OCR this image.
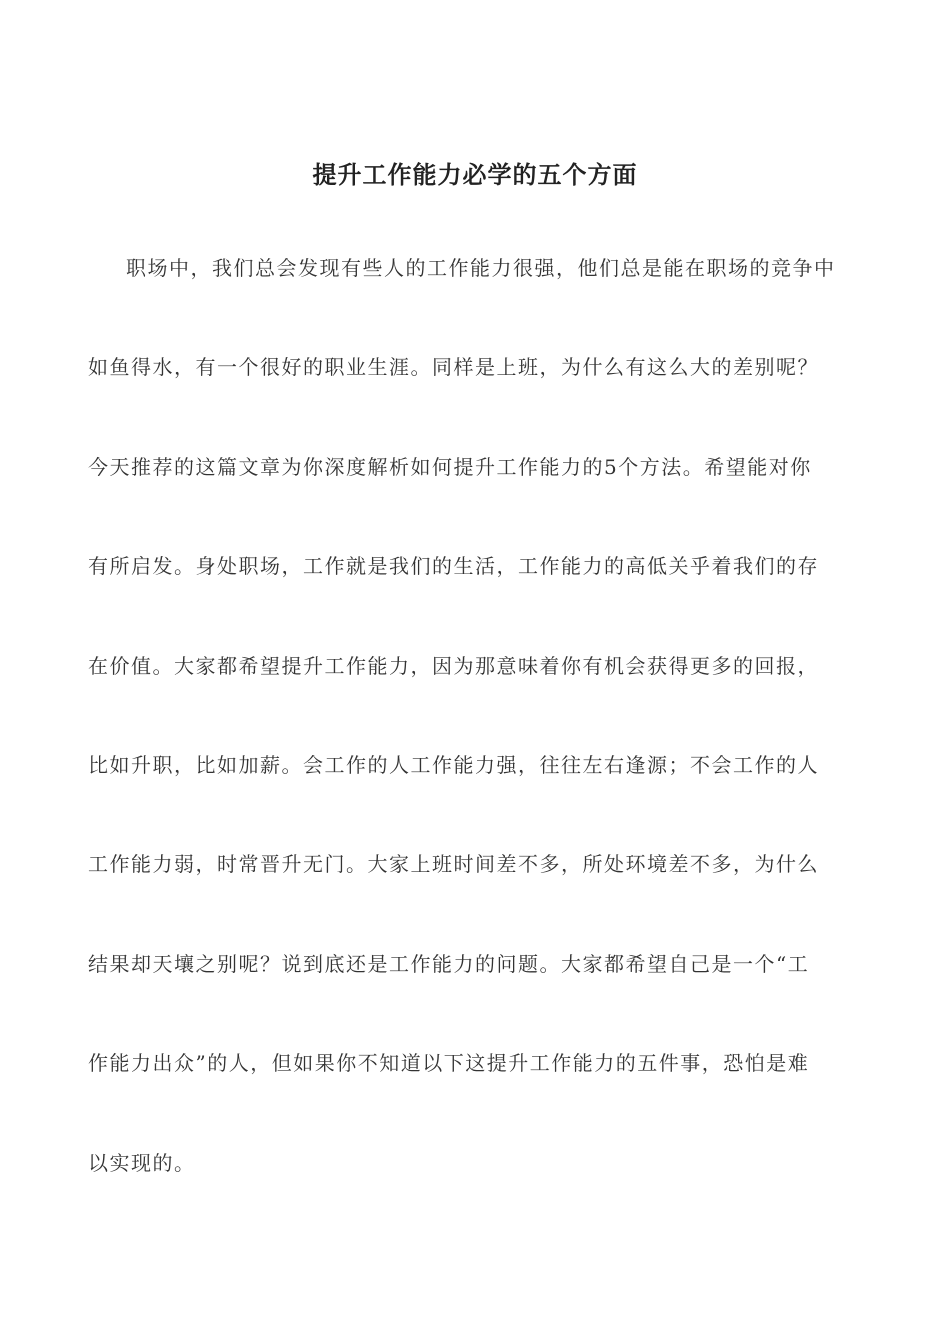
提升工作能力必学的五个方面
职场中，我们总会发现有些人的工作能力很强，他们总是能在职场的竞争中
如鱼得水，有一个很好的职业生涯。同样是上班，为什么有这么大的差别呢？
今天推荐的这篇文章为你深度解析如何提升工作能力的5个方法。希望能对你
有所启发。身处职场，工作就是我们的生活，工作能力的高低关乎着我们的存
在价值。大家都希望提升工作能力，因为那意味着你有机会获得更多的回报，
比如升职，比如加薪。会工作的人工作能力强，往往左右逢源；不会工作的人
工作能力弱，时常晋升无门。大家上班时间差不多，所处环境差不多，为什么
结果却天壤之别呢？说到底还是工作能力的问题。大家都希望自己是一个“工
作能力出众”的人，但如果你不知道以下这提升工作能力的五件事，恐怕是难
以实现的。
